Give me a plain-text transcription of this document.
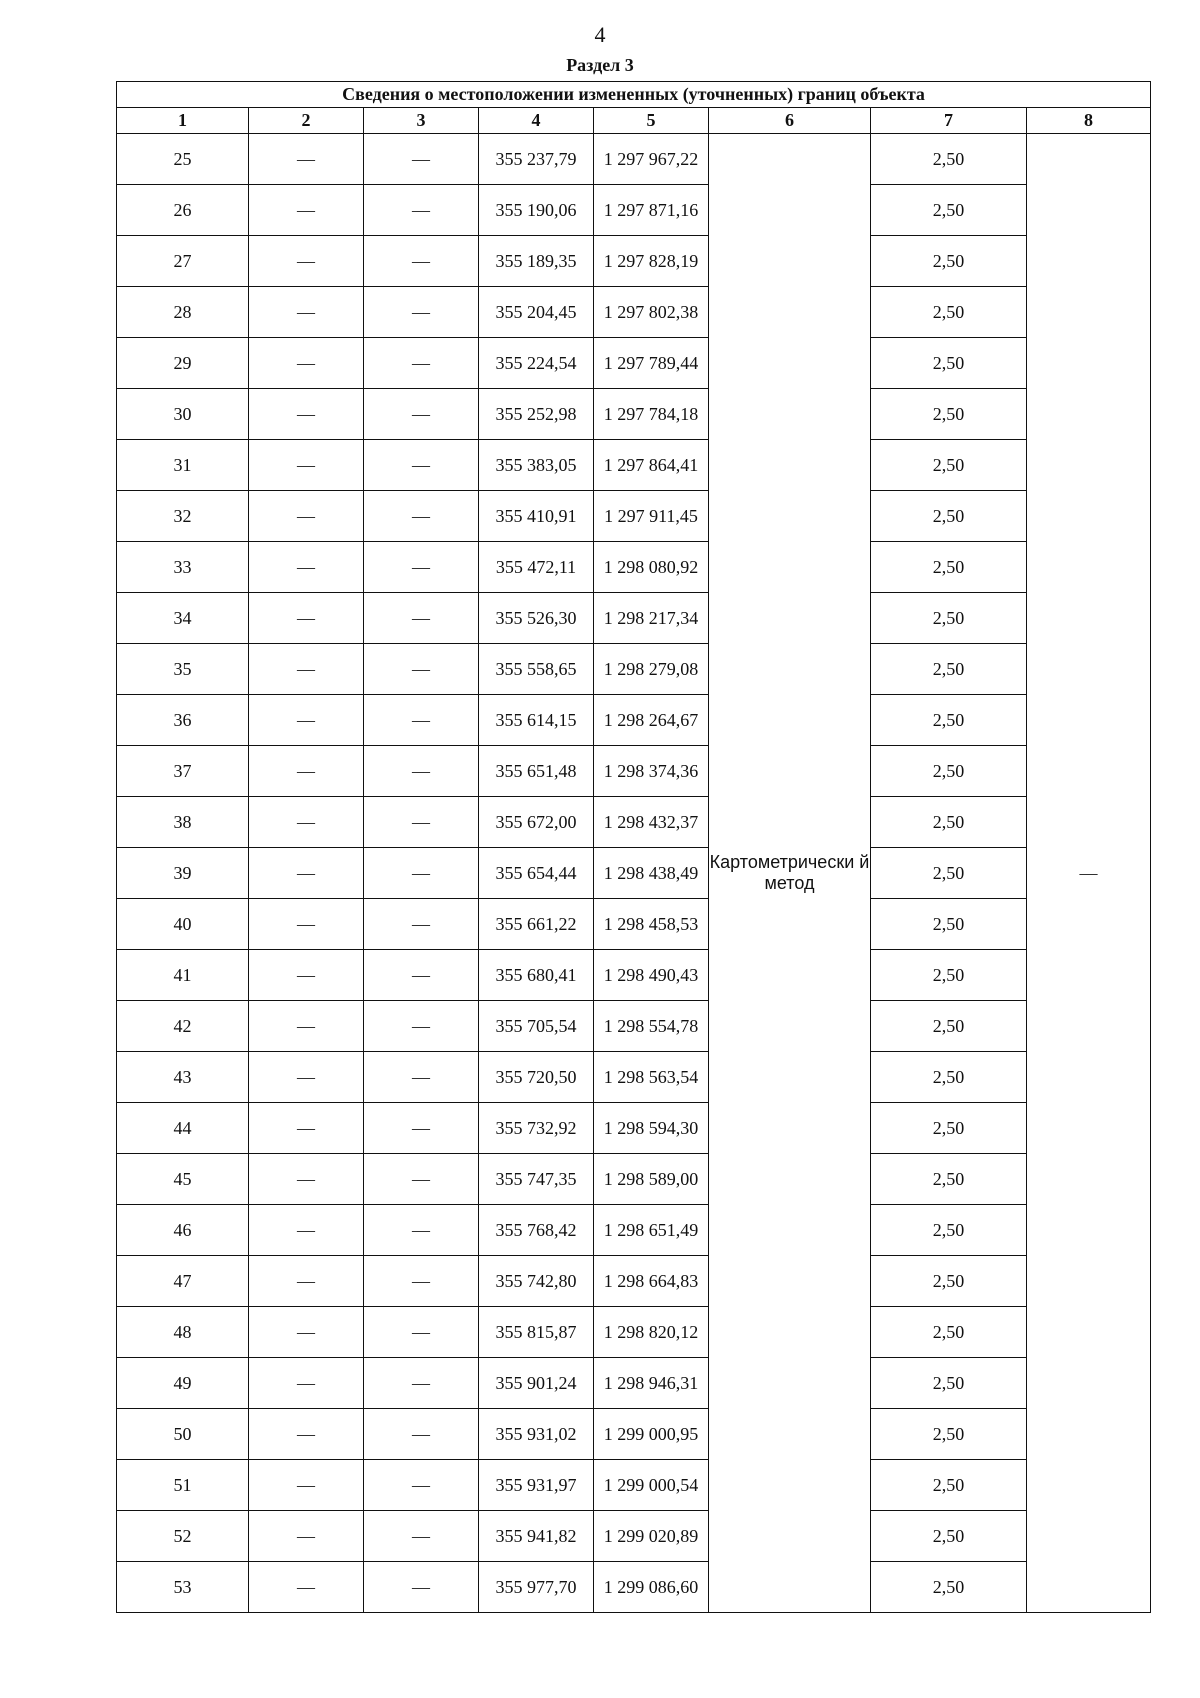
4
Раздел 3
Сведения о местоположении измененных (уточненных) границ объекта							
1	2	3	4	5	6	7	8
25	—	—	355 237,79	1 297 967,22	Картометрически й метод	2,50	—
26	—	—	355 190,06	1 297 871,16		2,50	
27	—	—	355 189,35	1 297 828,19		2,50	
28	—	—	355 204,45	1 297 802,38		2,50	
29	—	—	355 224,54	1 297 789,44		2,50	
30	—	—	355 252,98	1 297 784,18		2,50	
31	—	—	355 383,05	1 297 864,41		2,50	
32	—	—	355 410,91	1 297 911,45		2,50	
33	—	—	355 472,11	1 298 080,92		2,50	
34	—	—	355 526,30	1 298 217,34		2,50	
35	—	—	355 558,65	1 298 279,08		2,50	
36	—	—	355 614,15	1 298 264,67		2,50	
37	—	—	355 651,48	1 298 374,36		2,50	
38	—	—	355 672,00	1 298 432,37		2,50	
39	—	—	355 654,44	1 298 438,49		2,50	
40	—	—	355 661,22	1 298 458,53		2,50	
41	—	—	355 680,41	1 298 490,43		2,50	
42	—	—	355 705,54	1 298 554,78		2,50	
43	—	—	355 720,50	1 298 563,54		2,50	
44	—	—	355 732,92	1 298 594,30		2,50	
45	—	—	355 747,35	1 298 589,00		2,50	
46	—	—	355 768,42	1 298 651,49		2,50	
47	—	—	355 742,80	1 298 664,83		2,50	
48	—	—	355 815,87	1 298 820,12		2,50	
49	—	—	355 901,24	1 298 946,31		2,50	
50	—	—	355 931,02	1 299 000,95		2,50	
51	—	—	355 931,97	1 299 000,54		2,50	
52	—	—	355 941,82	1 299 020,89		2,50	
53	—	—	355 977,70	1 299 086,60		2,50	
